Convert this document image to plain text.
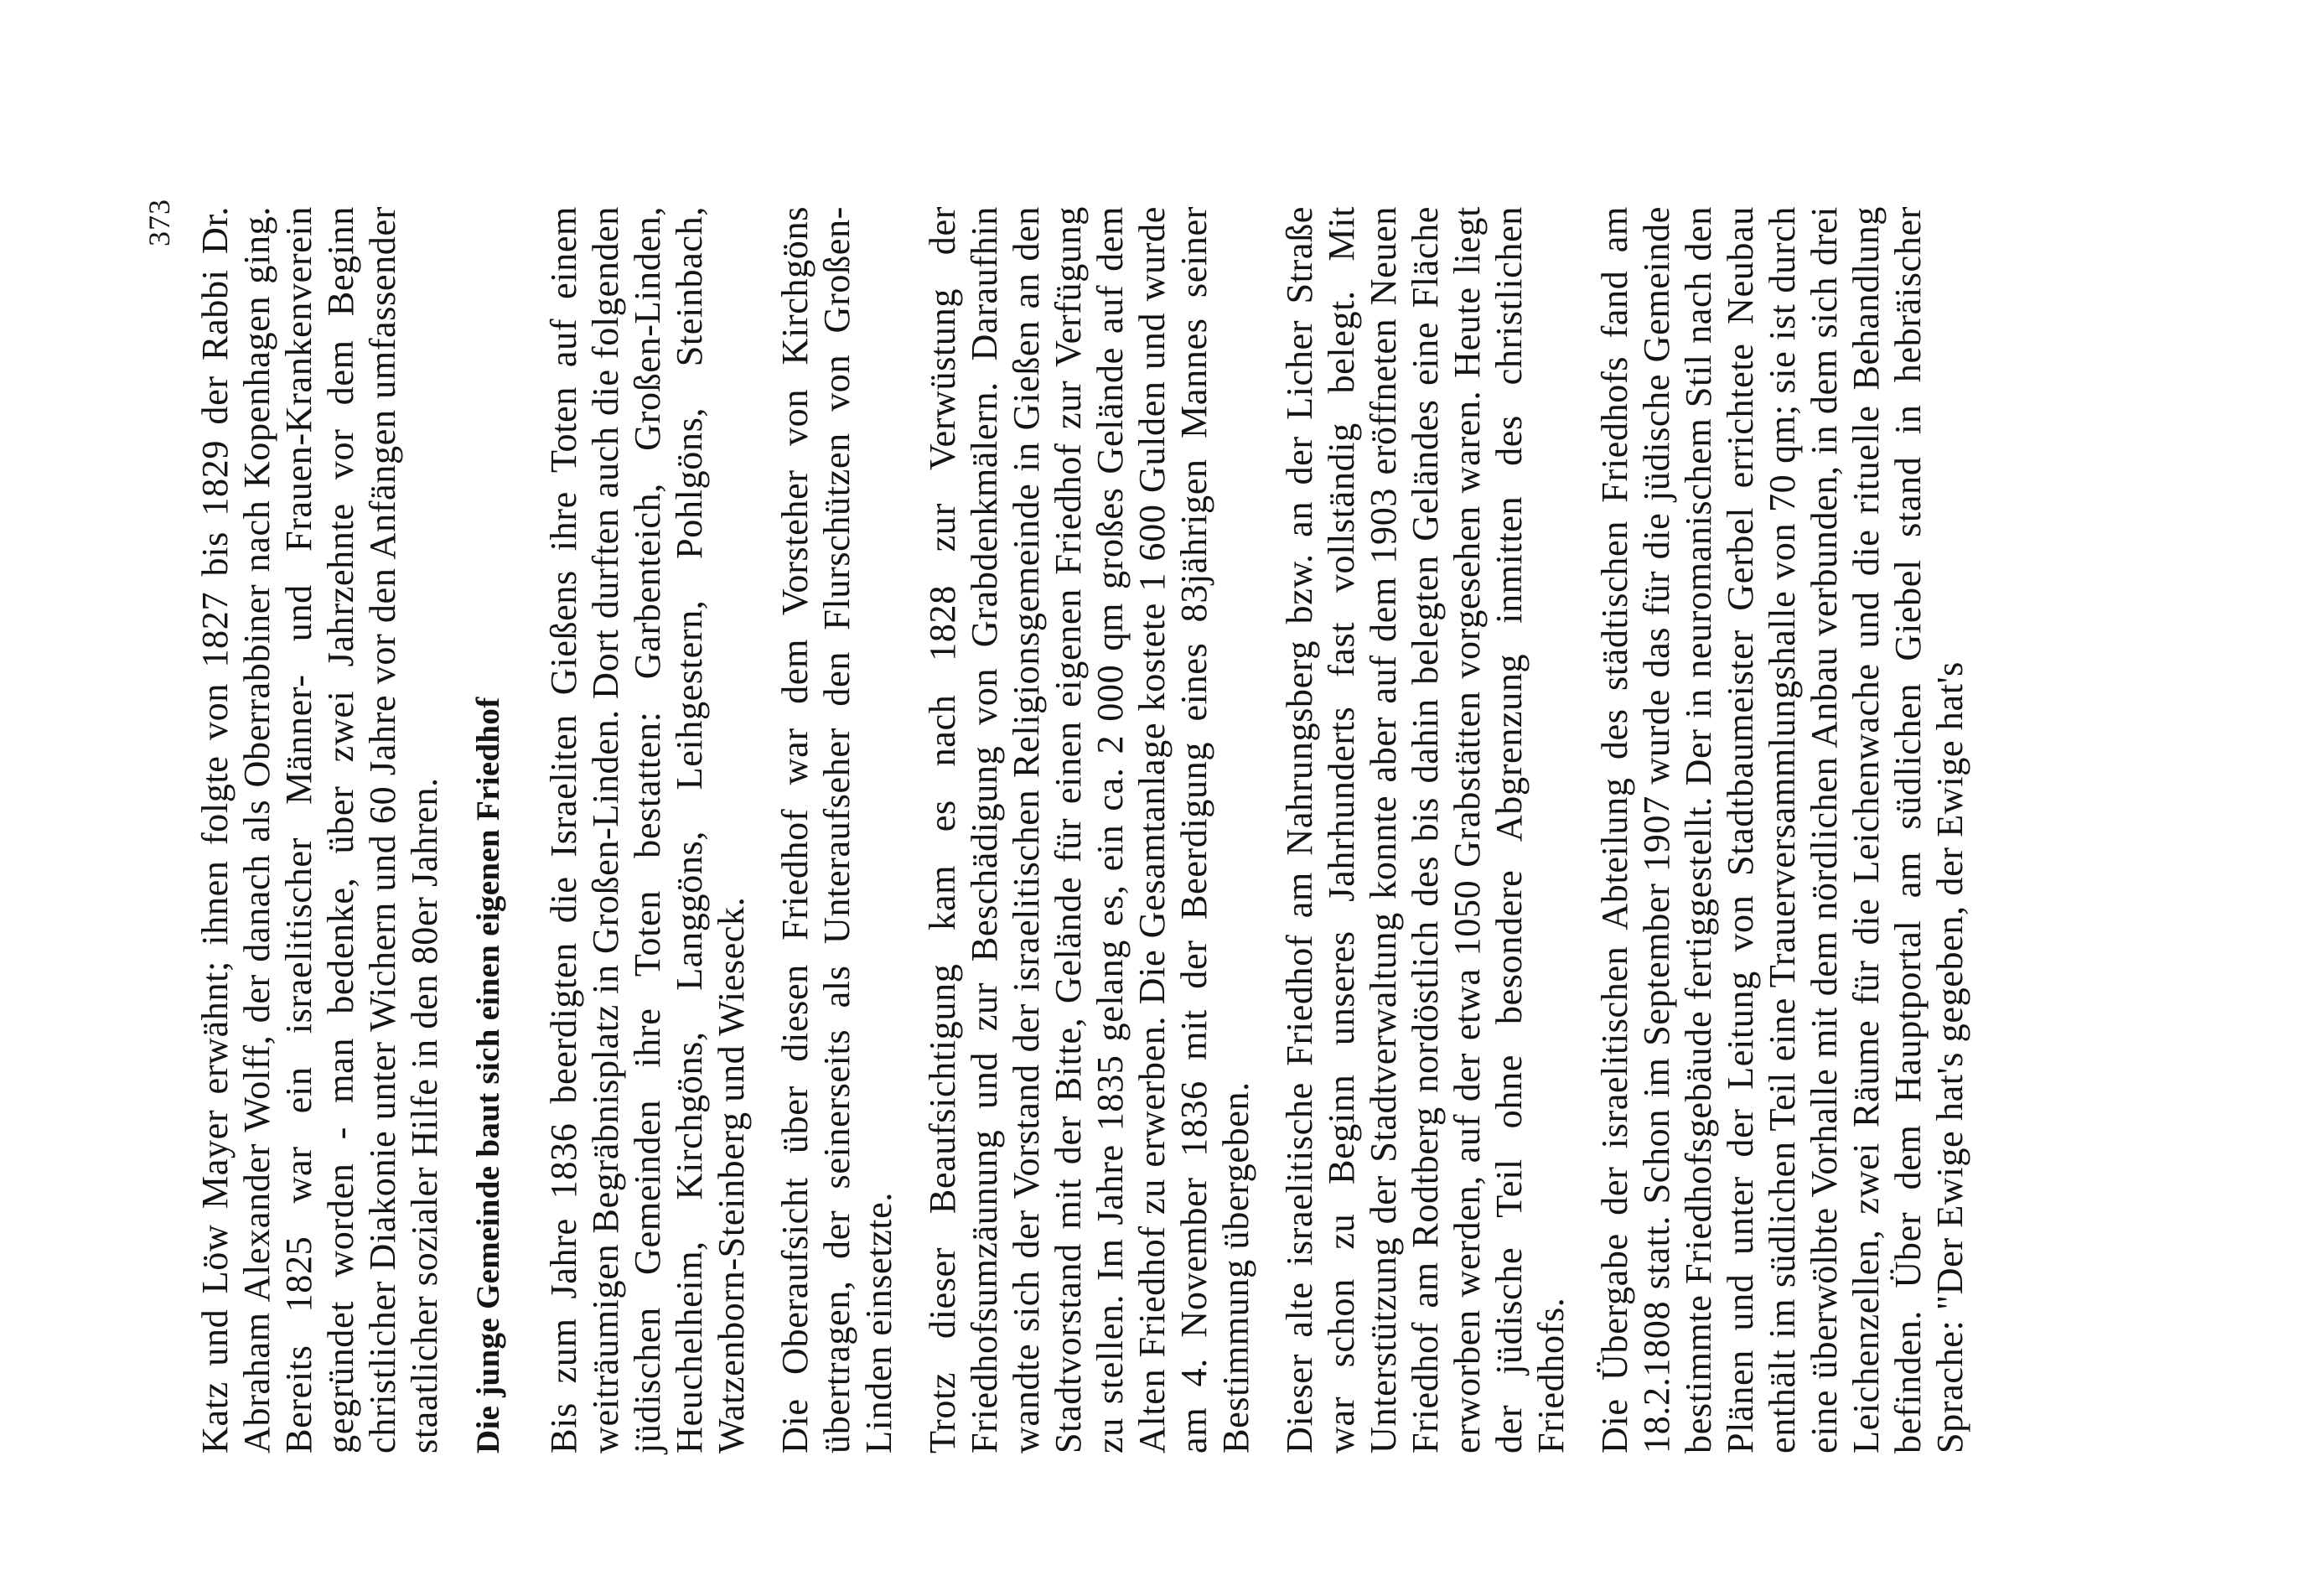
373 Katz und Löw Mayer erwähnt; ihnen folgte von 1827 bis 1829 der Rabbi Dr. Abraham Alexander Wolff, der danach als Oberrabbiner nach Kopenhagen ging. Bereits 1825 war ein israelitischer Männer- und Frauen-Krankenverein gegründet worden - man bedenke, über zwei Jahrzehnte vor dem Beginn christlicher Diakonie unter Wichern und 60 Jahre vor den Anfängen umfassender staatlicher sozialer Hilfe in den 80er Jahren. Die junge Gemeinde baut sich einen eigenen Friedhof Bis zum Jahre 1836 beerdigten die Israeliten Gießens ihre Toten auf einem weiträumigen Begräbnisplatz in Großen-Linden. Dort durften auch die folgenden jüdischen Gemeinden ihre Toten bestatten: Garbenteich, Großen-Linden, Heuchelheim, Kirchgöns, Langgöns, Leihgestern, Pohlgöns, Steinbach, Watzenborn-Steinberg und Wieseck. Die Oberaufsicht über diesen Friedhof war dem Vorsteher von Kirchgöns übertragen, der seinerseits als Unteraufseher den Flurschützen von Großen-Linden einsetzte. Trotz dieser Beaufsichtigung kam es nach 1828 zur Verwüstung der Friedhofsumzäunung und zur Beschädigung von Grabdenkmälern. Daraufhin wandte sich der Vorstand der israelitischen Religionsgemeinde in Gießen an den Stadtvorstand mit der Bitte, Gelände für einen eigenen Friedhof zur Verfügung zu stellen. Im Jahre 1835 gelang es, ein ca. 2 000 qm großes Gelände auf dem Alten Friedhof zu erwerben. Die Gesamtanlage kostete 1 600 Gulden und wurde am 4. November 1836 mit der Beerdigung eines 83jährigen Mannes seiner Bestimmung übergeben. Dieser alte israelitische Friedhof am Nahrungsberg bzw. an der Licher Straße war schon zu Beginn unseres Jahrhunderts fast vollständig belegt. Mit Unterstützung der Stadtverwaltung konnte aber auf dem 1903 eröffneten Neuen Friedhof am Rodtberg nordöstlich des bis dahin belegten Geländes eine Fläche erworben werden, auf der etwa 1050 Grabstätten vorgesehen waren. Heute liegt der jüdische Teil ohne besondere Abgrenzung inmitten des christlichen Friedhofs. Die Übergabe der israelitischen Abteilung des städtischen Friedhofs fand am 18.2.1808 statt. Schon im September 1907 wurde das für die jüdische Gemeinde bestimmte Friedhofsgebäude fertiggestellt. Der in neuromanischem Stil nach den Plänen und unter der Leitung von Stadtbaumeister Gerbel errichtete Neubau enthält im südlichen Teil eine Trauerversammlungshalle von 70 qm; sie ist durch eine überwölbte Vorhalle mit dem nördlichen Anbau verbunden, in dem sich drei Leichenzellen, zwei Räume für die Leichenwache und die rituelle Behandlung befinden. Über dem Hauptportal am südlichen Giebel stand in hebräischer Sprache: "Der Ewige hat's gegeben, der Ewige hat's
